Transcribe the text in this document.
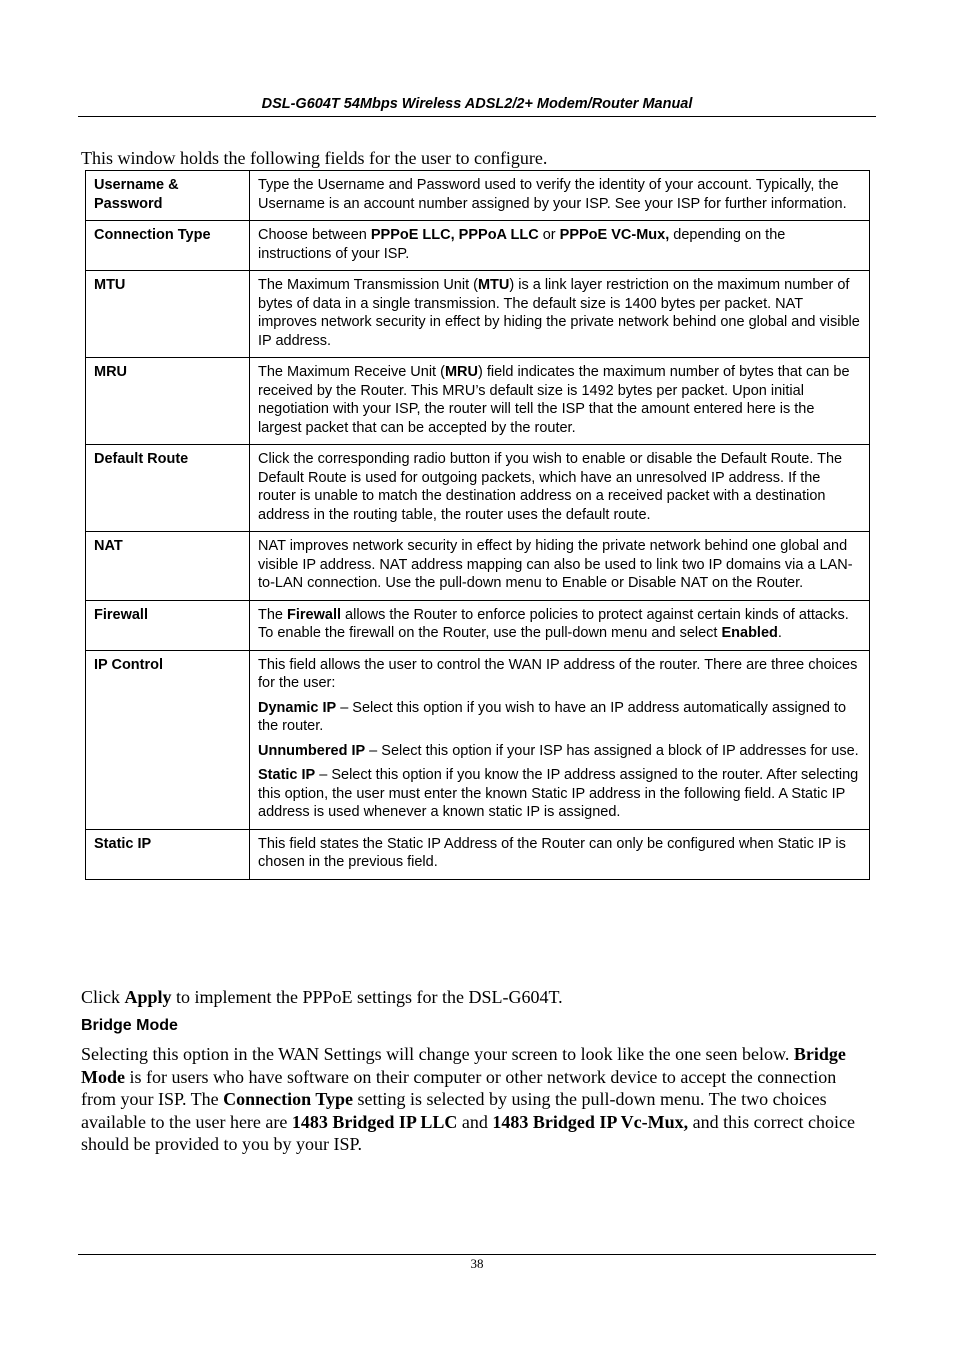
DSL-G604T 54Mbps Wireless ADSL2/2+ Modem/Router Manual
This window holds the following fields for the user to configure.
Username & Password	Type the Username and Password used to verify the identity of your account. Typically, the Username is an account number assigned by your ISP. See your ISP for further information.

Connection Type	Choose between PPPoE LLC, PPPoA LLC or PPPoE VC-Mux, depending on the instructions of your ISP.

MTU	The Maximum Transmission Unit (MTU) is a link layer restriction on the maximum number of bytes of data in a single transmission. The default size is 1400 bytes per packet. NAT improves network security in effect by hiding the private network behind one global and visible IP address.

MRU	The Maximum Receive Unit (MRU) field indicates the maximum number of bytes that can be received by the Router. This MRU’s default size is 1492 bytes per packet. Upon initial negotiation with your ISP, the router will tell the ISP that the amount entered here is the largest packet that can be accepted by the router.

Default Route	Click the corresponding radio button if you wish to enable or disable the Default Route. The Default Route is used for outgoing packets, which have an unresolved IP address. If the router is unable to match the destination address on a received packet with a destination address in the routing table, the router uses the default route.

NAT	NAT improves network security in effect by hiding the private network behind one global and visible IP address. NAT address mapping can also be used to link two IP domains via a LAN-to-LAN connection. Use the pull-down menu to Enable or Disable NAT on the Router.

Firewall	The Firewall allows the Router to enforce policies to protect against certain kinds of attacks. To enable the firewall on the Router, use the pull-down menu and select Enabled.

IP Control	This field allows the user to control the WAN IP address of the router. There are three choices for the user:

Dynamic IP – Select this option if you wish to have an IP address automatically assigned to the router.

Unnumbered IP – Select this option if your ISP has assigned a block of IP addresses for use.

Static IP – Select this option if you know the IP address assigned to the router. After selecting this option, the user must enter the known Static IP address in the following field. A Static IP address is used whenever a known static IP is assigned.

Static IP	This field states the Static IP Address of the Router can only be configured when Static IP is chosen in the previous field.

Click Apply to implement the PPPoE settings for the DSL-G604T.
Bridge Mode
Selecting this option in the WAN Settings will change your screen to look like the one seen below. Bridge Mode is for users who have software on their computer or other network device to accept the connection from your ISP. The Connection Type setting is selected by using the pull-down menu. The two choices available to the user here are 1483 Bridged IP LLC and 1483 Bridged IP Vc-Mux, and this correct choice should be provided to you by your ISP.
38
